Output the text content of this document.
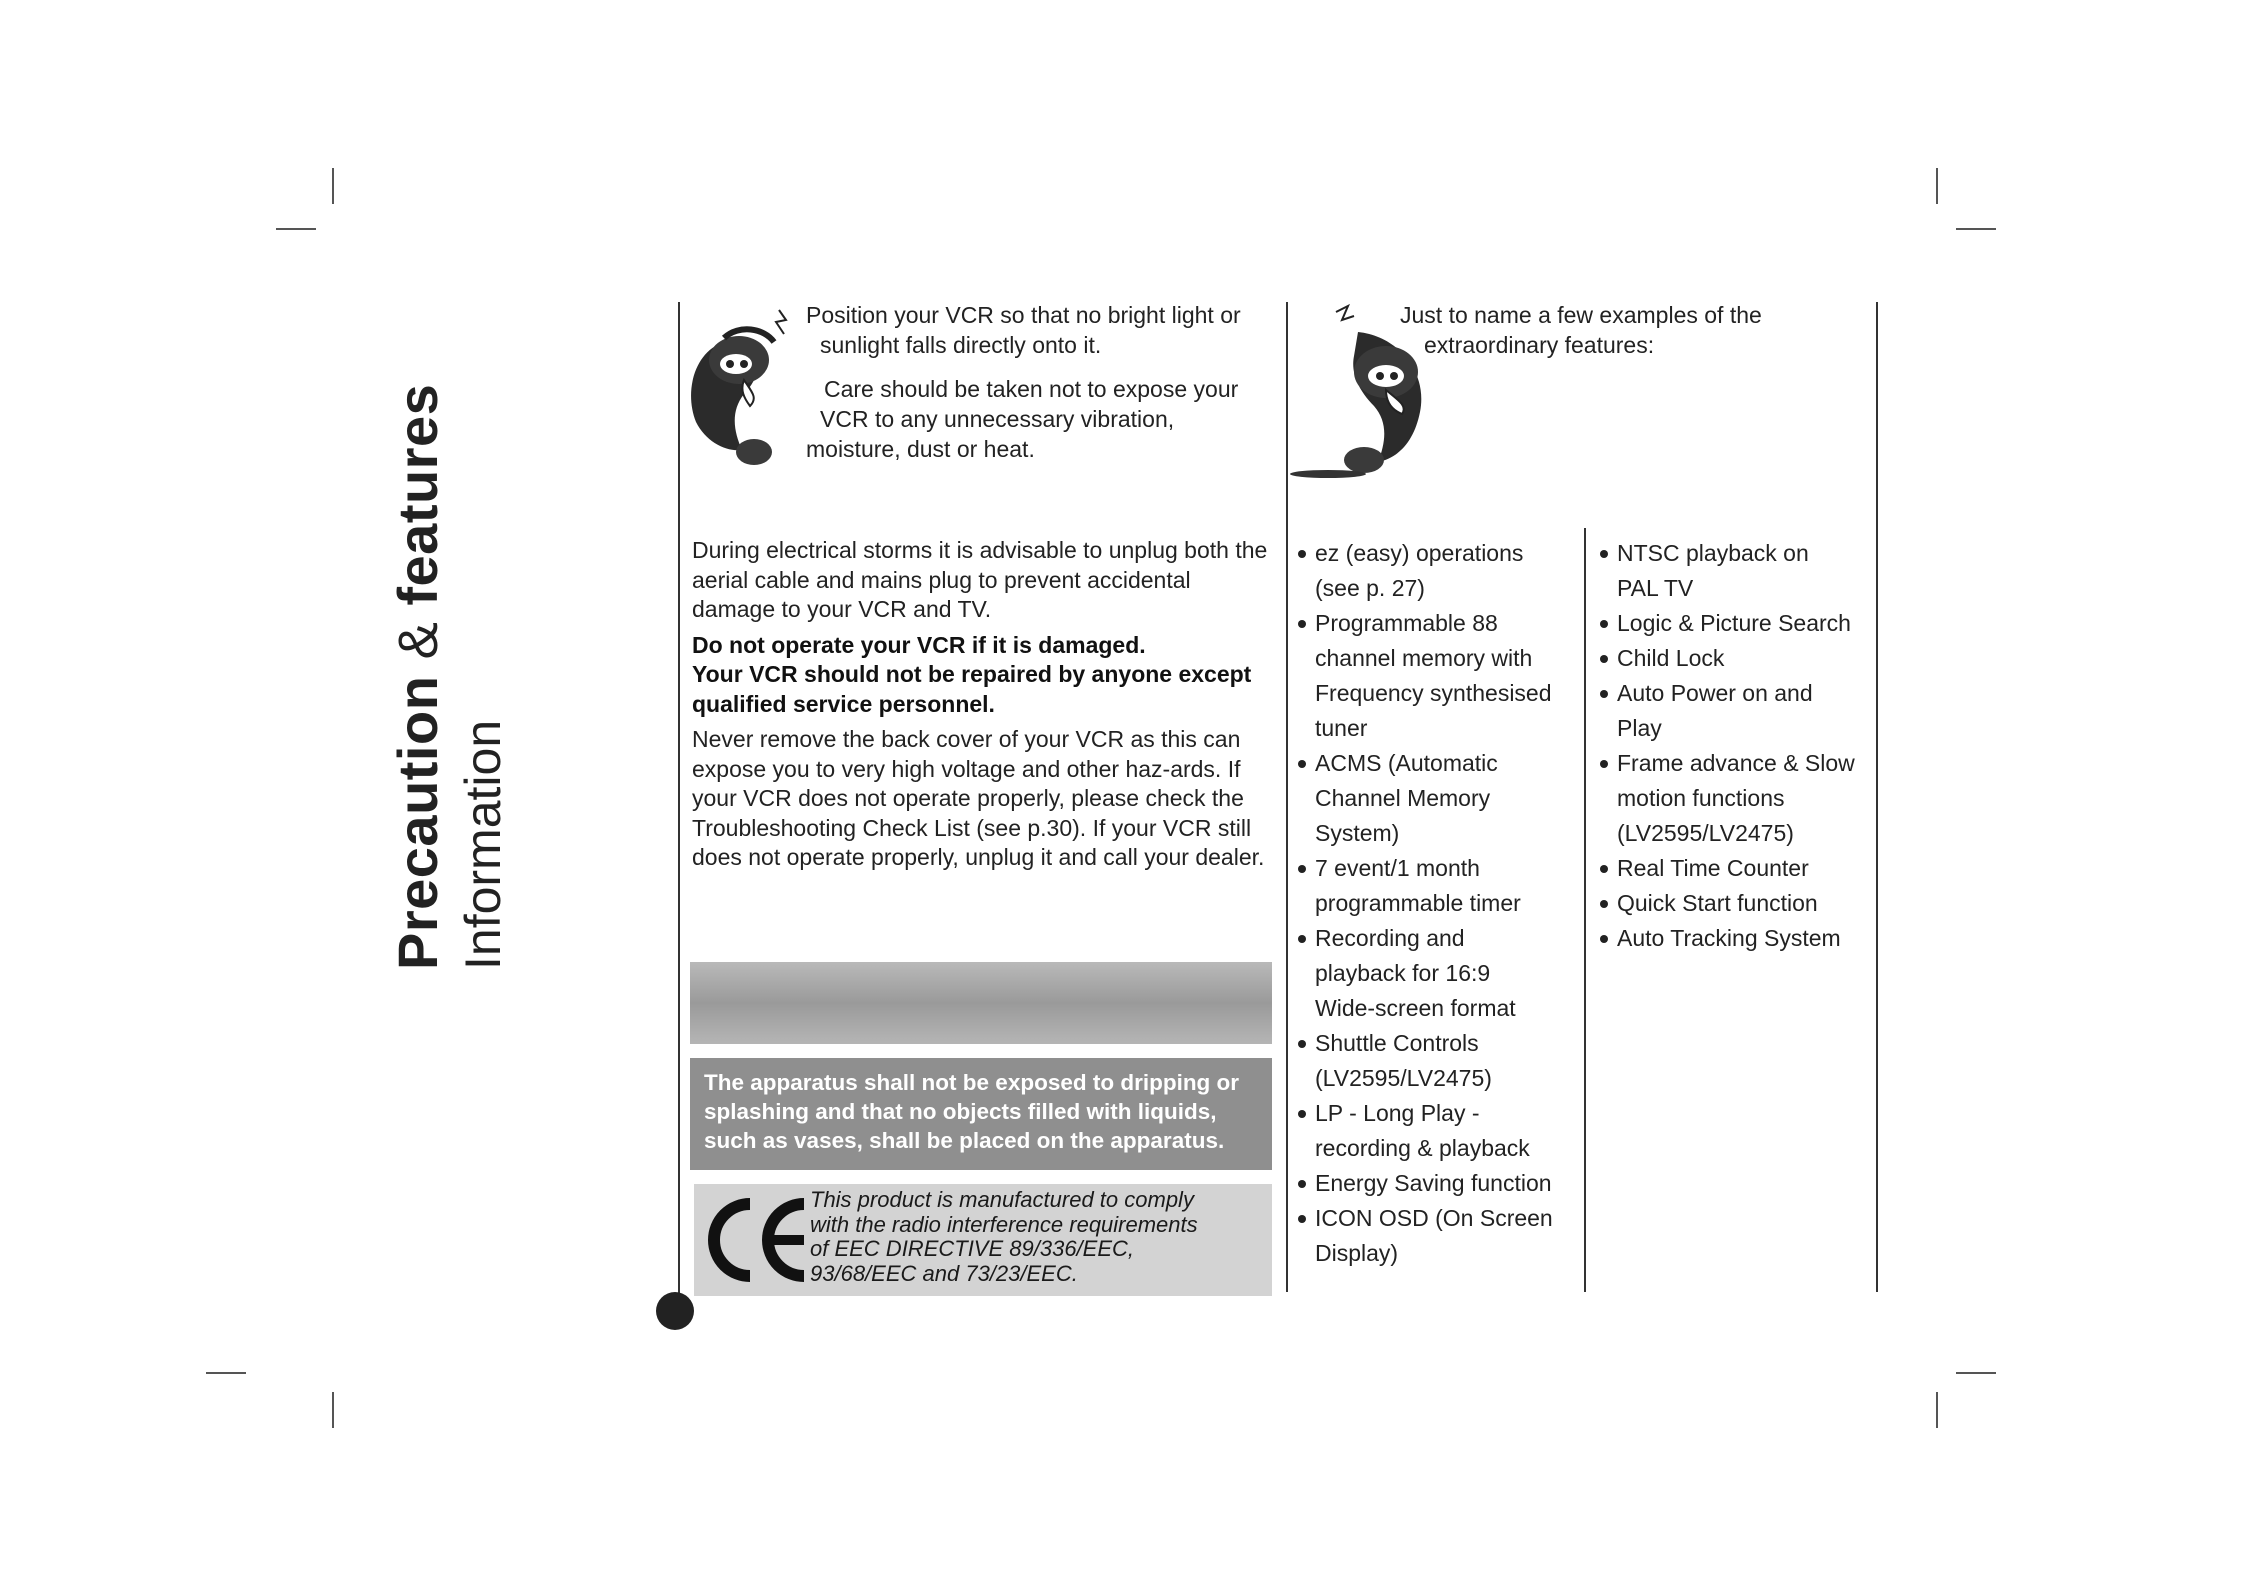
Precaution & features
Information
Position your VCR so that no bright light or
sunlight falls directly onto it.
Care should be taken not to expose your
VCR to any unnecessary vibration,
moisture, dust or heat.
Just to name a few examples of the
extraordinary features:

During electrical storms it is advisable to unplug both the aerial cable and mains plug to prevent accidental damage to your VCR and TV.

Do not operate your VCR if it is damaged.
Your VCR should not be repaired by anyone except qualified service personnel.

Never remove the back cover of your VCR as this can expose you to very high voltage and other haz-ards. If your VCR does not operate properly, please check the Troubleshooting Check List (see p.30). If your VCR still does not operate properly, unplug it and call your dealer.

The apparatus shall not be exposed to dripping or splashing and that no objects filled with liquids, such as vases, shall be placed on the apparatus.
This product is manufactured to comply
with the radio interference requirements
of EEC DIRECTIVE 89/336/EEC,
93/68/EEC and 73/23/EEC.
ez (easy) operations
(see p. 27)
Programmable 88
channel memory with
Frequency synthesised
tuner
ACMS (Automatic
Channel Memory
System)
7 event/1 month
programmable timer
Recording and
playback for 16:9
Wide-screen format
Shuttle Controls
(LV2595/LV2475)
LP - Long Play -
recording & playback
Energy Saving function
ICON OSD (On Screen
Display)
NTSC playback on
PAL TV
Logic & Picture Search
Child Lock
Auto Power on and
Play
Frame advance & Slow
motion functions
(LV2595/LV2475)
Real Time Counter
Quick Start function
Auto Tracking System
